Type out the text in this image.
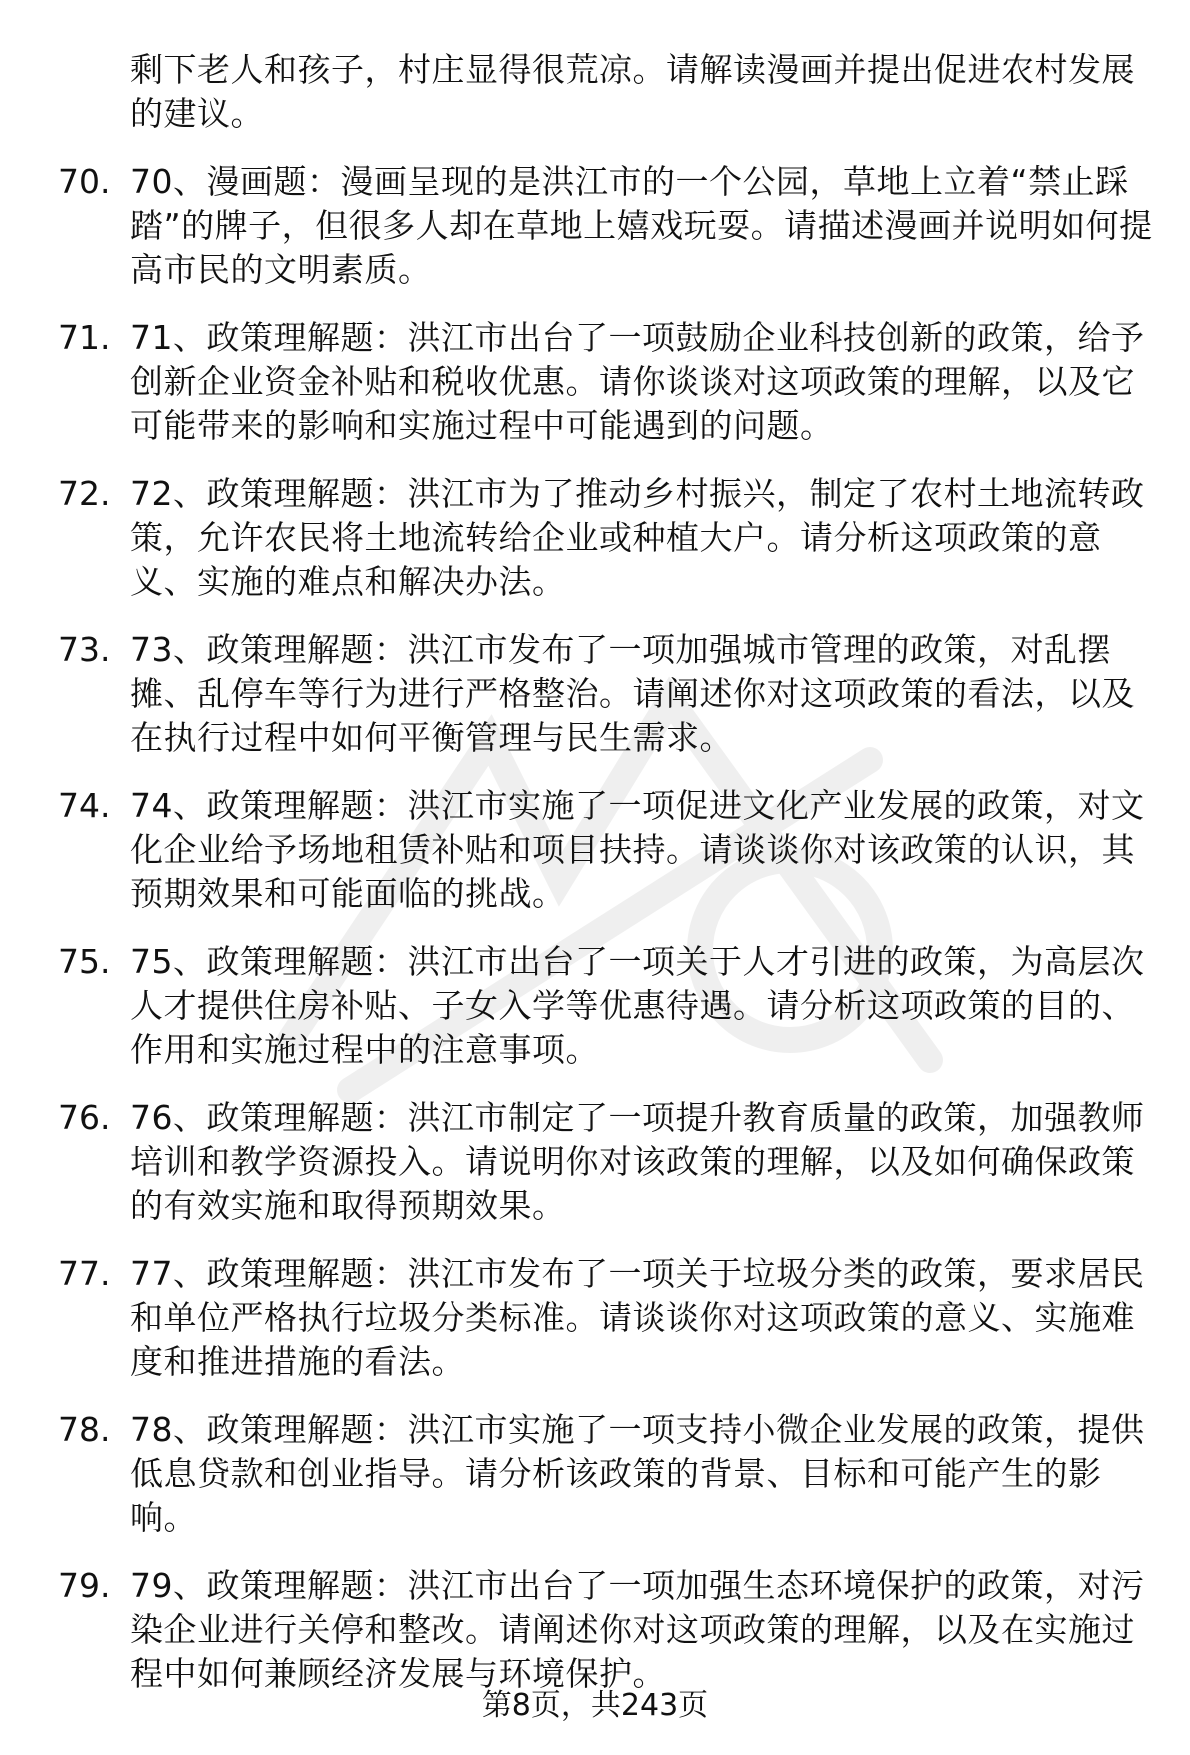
剩下老人和孩子，村庄显得很荒凉。请解读漫画并提出促进农村发展的建议。
70. 70、漫画题：漫画呈现的是洪江市的一个公园，草地上立着“禁止踩踏”的牌子，但很多人却在草地上嬉戏玩耍。请描述漫画并说明如何提高市民的文明素质。
71. 71、政策理解题：洪江市出台了一项鼓励企业科技创新的政策，给予创新企业资金补贴和税收优惠。请你谈谈对这项政策的理解，以及它可能带来的影响和实施过程中可能遇到的问题。
72. 72、政策理解题：洪江市为了推动乡村振兴，制定了农村土地流转政策，允许农民将土地流转给企业或种植大户。请分析这项政策的意义、实施的难点和解决办法。
73. 73、政策理解题：洪江市发布了一项加强城市管理的政策，对乱摆摊、乱停车等行为进行严格整治。请阐述你对这项政策的看法，以及在执行过程中如何平衡管理与民生需求。
74. 74、政策理解题：洪江市实施了一项促进文化产业发展的政策，对文化企业给予场地租赁补贴和项目扶持。请谈谈你对该政策的认识，其预期效果和可能面临的挑战。
75. 75、政策理解题：洪江市出台了一项关于人才引进的政策，为高层次人才提供住房补贴、子女入学等优惠待遇。请分析这项政策的目的、作用和实施过程中的注意事项。
76. 76、政策理解题：洪江市制定了一项提升教育质量的政策，加强教师培训和教学资源投入。请说明你对该政策的理解，以及如何确保政策的有效实施和取得预期效果。
77. 77、政策理解题：洪江市发布了一项关于垃圾分类的政策，要求居民和单位严格执行垃圾分类标准。请谈谈你对这项政策的意义、实施难度和推进措施的看法。
78. 78、政策理解题：洪江市实施了一项支持小微企业发展的政策，提供低息贷款和创业指导。请分析该政策的背景、目标和可能产生的影响。
79. 79、政策理解题：洪江市出台了一项加强生态环境保护的政策，对污染企业进行关停和整改。请阐述你对这项政策的理解，以及在实施过程中如何兼顾经济发展与环境保护。
第8页，共243页
